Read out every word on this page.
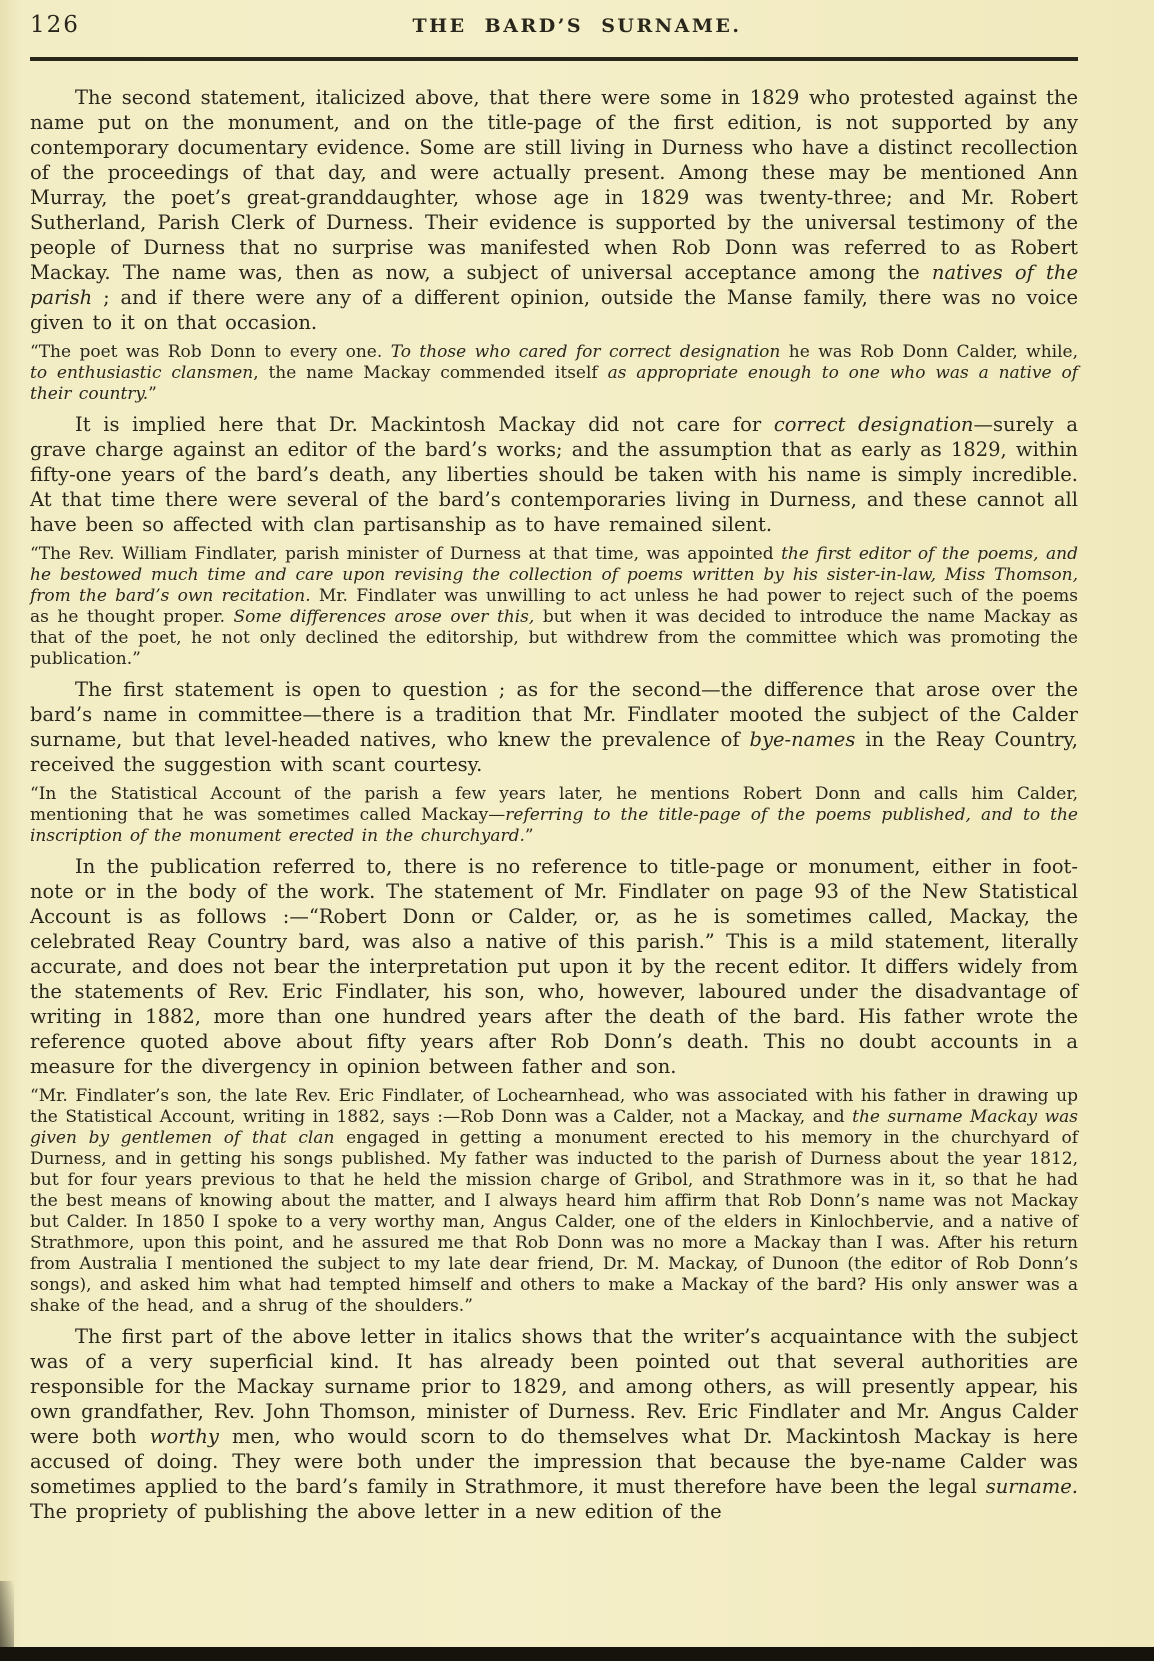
126	THE BARD’S SURNAME.

The second statement, italicized above, that there were some in 1829 who protested against the name put on the monument, and on the title-page of the first edition, is not supported by any contemporary documentary evidence. Some are still living in Durness who have a distinct recollection of the proceedings of that day, and were actually present. Among these may be mentioned Ann Murray, the poet’s great-granddaughter, whose age in 1829 was twenty-three; and Mr. Robert Sutherland, Parish Clerk of Durness. Their evidence is supported by the universal testimony of the people of Durness that no surprise was manifested when Rob Donn was referred to as Robert Mackay. The name was, then as now, a subject of universal acceptance among the natives of the parish ; and if there were any of a different opinion, outside the Manse family, there was no voice given to it on that occasion.

“The poet was Rob Donn to every one. To those who cared for correct designation he was Rob Donn Calder, while, to enthusiastic clansmen, the name Mackay commended itself as appropriate enough to one who was a native of their country.”

It is implied here that Dr. Mackintosh Mackay did not care for correct designation—surely a grave charge against an editor of the bard’s works; and the assumption that as early as 1829, within fifty-one years of the bard’s death, any liberties should be taken with his name is simply incredible. At that time there were several of the bard’s contemporaries living in Durness, and these cannot all have been so affected with clan partisanship as to have remained silent.

“The Rev. William Findlater, parish minister of Durness at that time, was appointed the first editor of the poems, and he bestowed much time and care upon revising the collection of poems written by his sister-in-law, Miss Thomson, from the bard’s own recitation. Mr. Findlater was unwilling to act unless he had power to reject such of the poems as he thought proper. Some differences arose over this, but when it was decided to introduce the name Mackay as that of the poet, he not only declined the editorship, but withdrew from the committee which was promoting the publication.”

The first statement is open to question ; as for the second—the difference that arose over the bard’s name in committee—there is a tradition that Mr. Findlater mooted the subject of the Calder surname, but that level-headed natives, who knew the prevalence of bye-names in the Reay Country, received the suggestion with scant courtesy.

“In the Statistical Account of the parish a few years later, he mentions Robert Donn and calls him Calder, mentioning that he was sometimes called Mackay—referring to the title-page of the poems published, and to the inscription of the monument erected in the churchyard.”

In the publication referred to, there is no reference to title-page or monument, either in foot-note or in the body of the work. The statement of Mr. Findlater on page 93 of the New Statistical Account is as follows :—“Robert Donn or Calder, or, as he is sometimes called, Mackay, the celebrated Reay Country bard, was also a native of this parish.” This is a mild statement, literally accurate, and does not bear the interpretation put upon it by the recent editor. It differs widely from the statements of Rev. Eric Findlater, his son, who, however, laboured under the disadvantage of writing in 1882, more than one hundred years after the death of the bard. His father wrote the reference quoted above about fifty years after Rob Donn’s death. This no doubt accounts in a measure for the divergency in opinion between father and son.

“Mr. Findlater’s son, the late Rev. Eric Findlater, of Lochearnhead, who was associated with his father in drawing up the Statistical Account, writing in 1882, says :—Rob Donn was a Calder, not a Mackay, and the surname Mackay was given by gentlemen of that clan engaged in getting a monument erected to his memory in the churchyard of Durness, and in getting his songs published. My father was inducted to the parish of Durness about the year 1812, but for four years previous to that he held the mission charge of Gribol, and Strathmore was in it, so that he had the best means of knowing about the matter, and I always heard him affirm that Rob Donn’s name was not Mackay but Calder. In 1850 I spoke to a very worthy man, Angus Calder, one of the elders in Kinlochbervie, and a native of Strathmore, upon this point, and he assured me that Rob Donn was no more a Mackay than I was. After his return from Australia I mentioned the subject to my late dear friend, Dr. M. Mackay, of Dunoon (the editor of Rob Donn’s songs), and asked him what had tempted himself and others to make a Mackay of the bard? His only answer was a shake of the head, and a shrug of the shoulders.”

The first part of the above letter in italics shows that the writer’s acquaintance with the subject was of a very superficial kind. It has already been pointed out that several authorities are responsible for the Mackay surname prior to 1829, and among others, as will presently appear, his own grandfather, Rev. John Thomson, minister of Durness. Rev. Eric Findlater and Mr. Angus Calder were both worthy men, who would scorn to do themselves what Dr. Mackintosh Mackay is here accused of doing. They were both under the impression that because the bye-name Calder was sometimes applied to the bard’s family in Strathmore, it must therefore have been the legal surname. The propriety of publishing the above letter in a new edition of the
